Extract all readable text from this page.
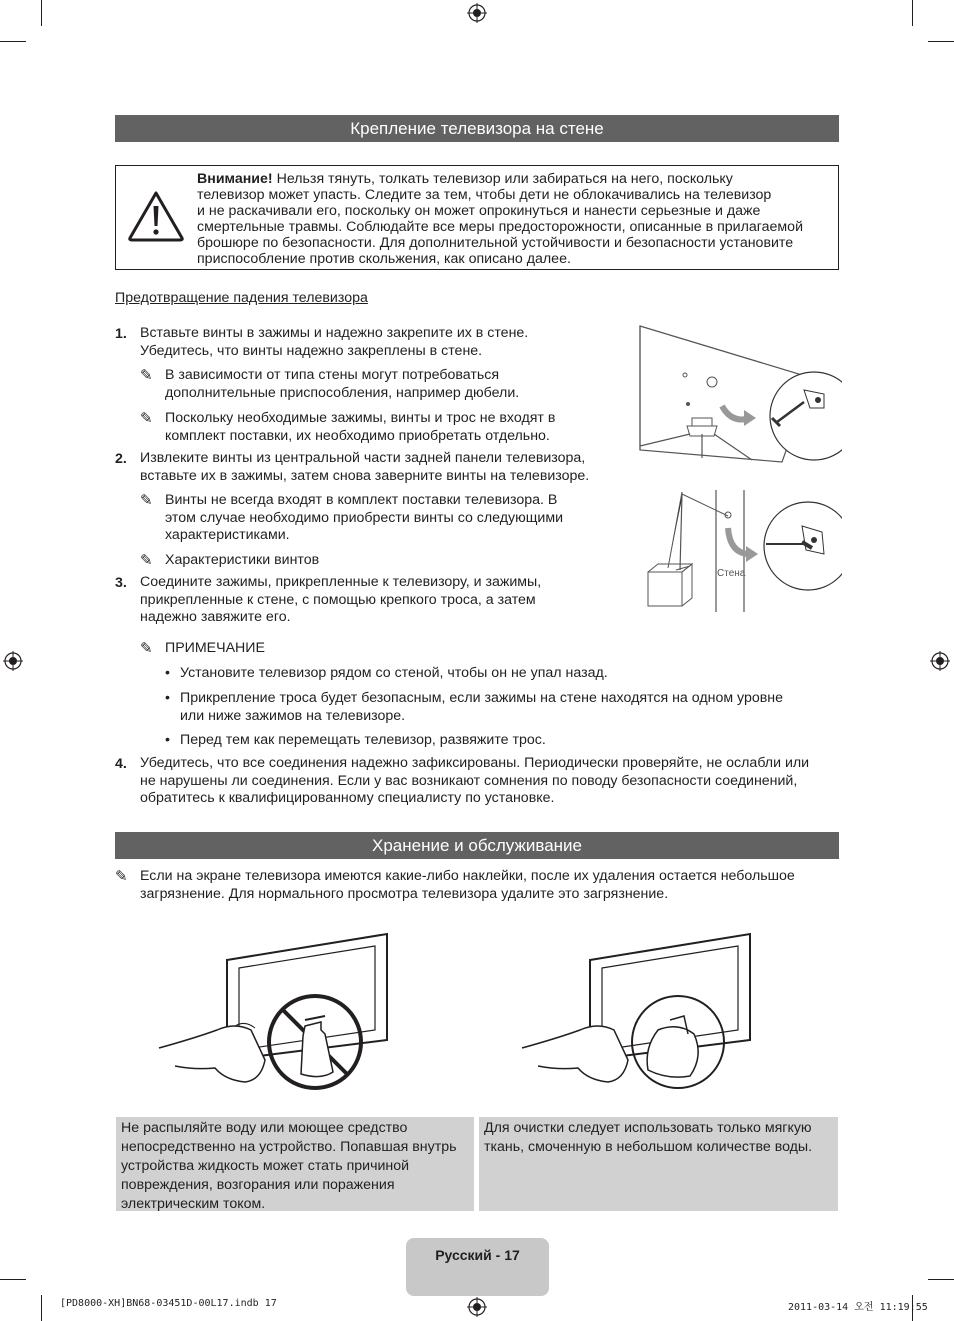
Крепление телевизора на стене
Внимание! Нельзя тянуть, толкать телевизор или забираться на него, поскольку
телевизор может упасть. Следите за тем, чтобы дети не облокачивались на телевизор
и не раскачивали его, поскольку он может опрокинуться и нанести серьезные и даже
смертельные травмы. Соблюдайте все меры предосторожности, описанные в прилагаемой
брошюре по безопасности. Для дополнительной устойчивости и безопасности установите
приспособление против скольжения, как описано далее.
Предотвращение падения телевизора
1. Вставьте винты в зажимы и надежно закрепите их в стене.
Убедитесь, что винты надежно закреплены в стене.
✎ В зависимости от типа стены могут потребоваться
дополнительные приспособления, например дюбели.
✎ Поскольку необходимые зажимы, винты и трос не входят в
комплект поставки, их необходимо приобретать отдельно.
2. Извлеките винты из центральной части задней панели телевизора,
вставьте их в зажимы, затем снова заверните винты на телевизоре.
✎ Винты не всегда входят в комплект поставки телевизора. В
этом случае необходимо приобрести винты со следующими
характеристиками.
✎ Характеристики винтов
3. Соедините зажимы, прикрепленные к телевизору, и зажимы,
прикрепленные к стене, с помощью крепкого троса, а затем
надежно завяжите его.
✎ ПРИМЕЧАНИЕ
• Установите телевизор рядом со стеной, чтобы он не упал назад.
• Прикрепление троса будет безопасным, если зажимы на стене находятся на одном уровне
или ниже зажимов на телевизоре.
• Перед тем как перемещать телевизор, развяжите трос.
4. Убедитесь, что все соединения надежно зафиксированы. Периодически проверяйте, не ослабли или
не нарушены ли соединения. Если у вас возникают сомнения по поводу безопасности соединений,
обратитесь к квалифицированному специалисту по установке.
Стена
Хранение и обслуживание
✎ Если на экране телевизора имеются какие-либо наклейки, после их удаления остается небольшое
загрязнение. Для нормального просмотра телевизора удалите это загрязнение.
Не распыляйте воду или моющее средство
непосредственно на устройство. Попавшая внутрь
устройства жидкость может стать причиной
повреждения, возгорания или поражения
электрическим током.
Для очистки следует использовать только мягкую
ткань, смоченную в небольшом количестве воды.
Русский - 17
[PD8000-XH]BN68-03451D-00L17.indb 17	2011-03-14 오전 11:19:55
